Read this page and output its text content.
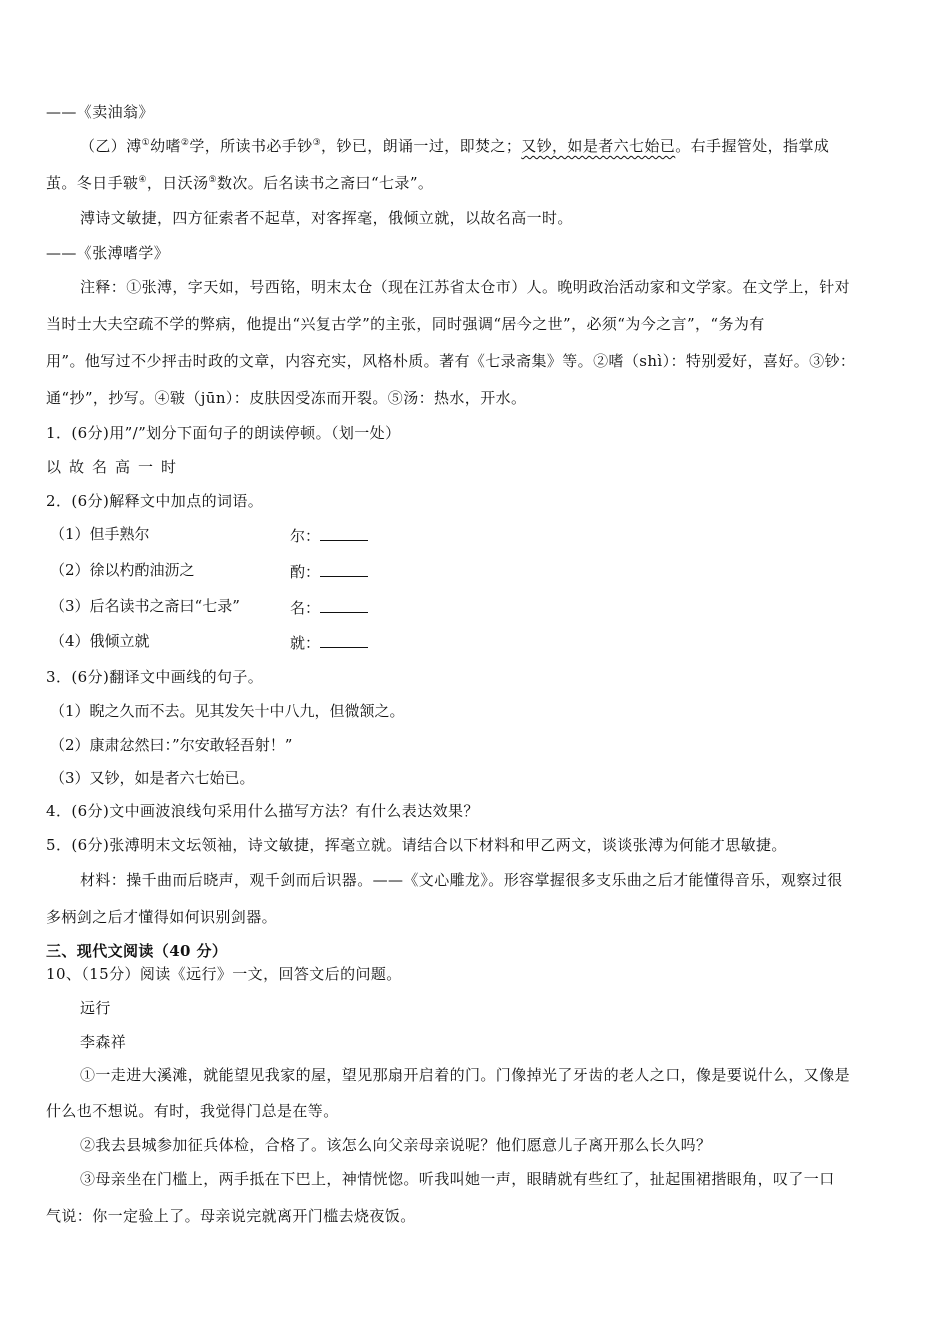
——《卖油翁》
（乙）溥①幼嗜②学，所读书必手钞③，钞已，朗诵一过，即焚之；又钞，如是者六七始已。右手握管处，指掌成
茧。冬日手皲④，日沃汤⑤数次。后名读书之斋曰“七录”。
溥诗文敏捷，四方征索者不起草，对客挥毫，俄倾立就，以故名高一时。
——《张溥嗜学》
注释：①张溥，字天如，号西铭，明末太仓（现在江苏省太仓市）人。晚明政治活动家和文学家。在文学上，针对
当时士大夫空疏不学的弊病，他提出“兴复古学”的主张，同时强调“居今之世”，必须“为今之言”，“务为有
用”。他写过不少抨击时政的文章，内容充实，风格朴质。著有《七录斋集》等。②嗜（shì）：特别爱好，喜好。③钞：
通“抄”，抄写。④皲（jūn）：皮肤因受冻而开裂。⑤汤：热水，开水。
1．(6分)用”/”划分下面句子的朗读停顿。（划一处）
以故名高一时
2．(6分)解释文中加点的词语。
（1）但手熟尔	尔：
（2）徐以杓酌油沥之	酌：
（3）后名读书之斋曰“七录”	名：
（4）俄倾立就	就：
3．(6分)翻译文中画线的句子。
（1）睨之久而不去。见其发矢十中八九，但微颔之。
（2）康肃忿然曰：”尔安敢轻吾射！”
（3）又钞，如是者六七始已。
4．(6分)文中画波浪线句采用什么描写方法？有什么表达效果？
5．(6分)张溥明末文坛领袖，诗文敏捷，挥毫立就。请结合以下材料和甲乙两文，谈谈张溥为何能才思敏捷。
材料：操千曲而后晓声，观千剑而后识器。——《文心雕龙》。形容掌握很多支乐曲之后才能懂得音乐，观察过很
多柄剑之后才懂得如何识别剑器。
三、现代文阅读（40 分）
10、（15分）阅读《远行》一文，回答文后的问题。
远行
李森祥
①一走进大溪滩，就能望见我家的屋，望见那扇开启着的门。门像掉光了牙齿的老人之口，像是要说什么，又像是
什么也不想说。有时，我觉得门总是在等。
②我去县城参加征兵体检，合格了。该怎么向父亲母亲说呢？他们愿意儿子离开那么长久吗？
③母亲坐在门槛上，两手抵在下巴上，神情恍惚。听我叫她一声，眼睛就有些红了，扯起围裙揩眼角，叹了一口
气说：你一定验上了。母亲说完就离开门槛去烧夜饭。
